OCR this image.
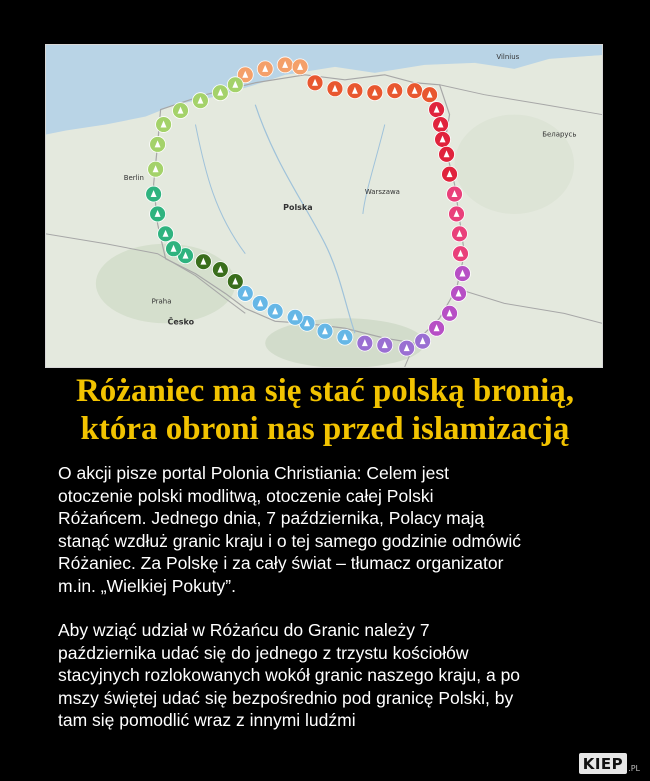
Vilnius
Беларусь
Berlin
Warszawa
Polska
Praha
Česko
Różaniec ma się stać polską bronią,
która obroni nas przed islamizacją

O akcji pisze portal Polonia Christiania: Celem jest
otoczenie polski modlitwą, otoczenie całej Polski
Różańcem. Jednego dnia, 7 października, Polacy mają
stanąć wzdłuż granic kraju i o tej samego godzinie odmówić
Różaniec. Za Polskę i za cały świat – tłumacz organizator
m.in. „Wielkiej Pokuty”.

Aby wziąć udział w Różańcu do Granic należy 7
października udać się do jednego z trzystu kościołów
stacyjnych rozlokowanych wokół granic naszego kraju, a po
mszy świętej udać się bezpośrednio pod granicę Polski, by
tam się pomodlić wraz z innymi ludźmi

KIEP .PL
